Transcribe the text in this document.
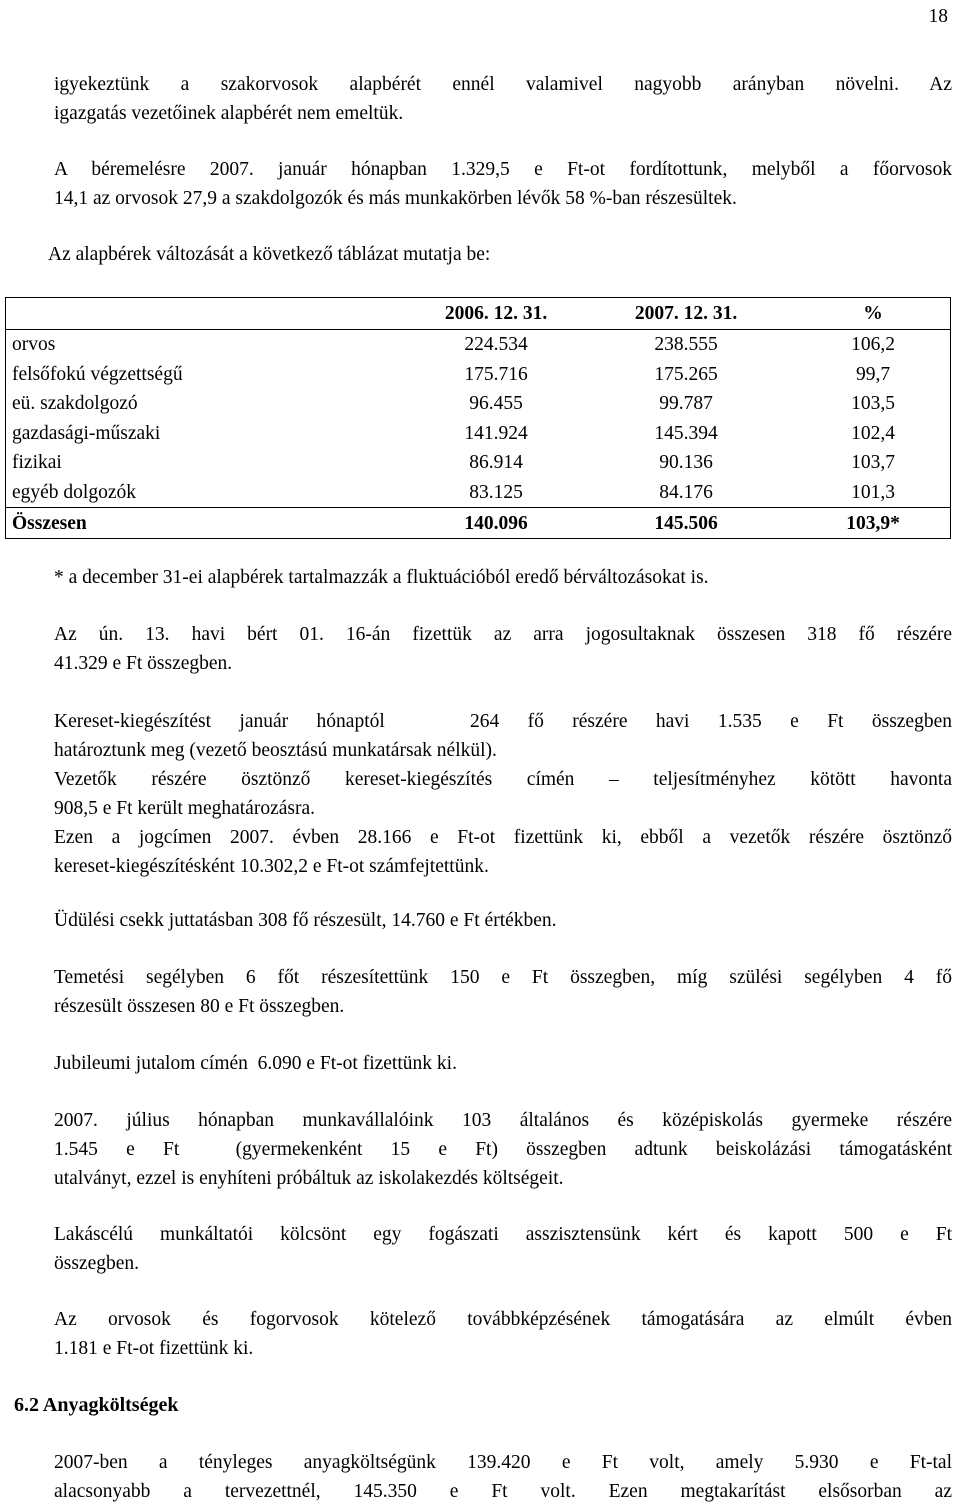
18
igyekeztünk a szakorvosok alapbérét ennél valamivel nagyobb arányban növelni. Az
igazgatás vezetőinek alapbérét nem emeltük.
A béremelésre 2007. január hónapban 1.329,5 e Ft-ot fordítottunk, melyből a főorvosok
14,1 az orvosok 27,9 a szakdolgozók és más munkakörben lévők 58 %-ban részesültek.
Az alapbérek változását a következő táblázat mutatja be:
	2006. 12. 31.	2007. 12. 31.	%
orvos	224.534	238.555	106,2
felsőfokú végzettségű	175.716	175.265	99,7
eü. szakdolgozó	96.455	99.787	103,5
gazdasági-műszaki	141.924	145.394	102,4
fizikai	86.914	90.136	103,7
egyéb dolgozók	83.125	84.176	101,3
Összesen	140.096	145.506	103,9*
* a december 31-ei alapbérek tartalmazzák a fluktuációból eredő bérváltozásokat is.
Az ún. 13. havi bért 01. 16-án fizettük az arra jogosultaknak összesen 318 fő részére
41.329 e Ft összegben.
Kereset-kiegészítést január hónaptól   264 fő részére havi 1.535 e Ft összegben
határoztunk meg (vezető beosztású munkatársak nélkül).
Vezetők részére ösztönző kereset-kiegészítés címén – teljesítményhez kötött havonta
908,5 e Ft került meghatározásra.
Ezen a jogcímen 2007. évben 28.166 e Ft-ot fizettünk ki, ebből a vezetők részére ösztönző
kereset-kiegészítésként 10.302,2 e Ft-ot számfejtettünk.
Üdülési csekk juttatásban 308 fő részesült, 14.760 e Ft értékben.
Temetési segélyben 6 főt részesítettünk 150 e Ft összegben, míg szülési segélyben 4 fő
részesült összesen 80 e Ft összegben.
Jubileumi jutalom címén  6.090 e Ft-ot fizettünk ki.
2007. július hónapban munkavállalóink 103 általános és középiskolás gyermeke részére
1.545 e Ft  (gyermekenként 15 e Ft) összegben adtunk beiskolázási támogatásként
utalványt, ezzel is enyhíteni próbáltuk az iskolakezdés költségeit.
Lakáscélú munkáltatói kölcsönt egy fogászati asszisztensünk kért és kapott 500 e Ft
összegben.
Az orvosok és fogorvosok kötelező továbbképzésének támogatására az elmúlt évben
1.181 e Ft-ot fizettünk ki.
6.2 Anyagköltségek
2007-ben a tényleges anyagköltségünk 139.420 e Ft volt, amely 5.930 e Ft-tal
alacsonyabb a tervezettnél, 145.350 e Ft volt. Ezen megtakarítást elsősorban az
